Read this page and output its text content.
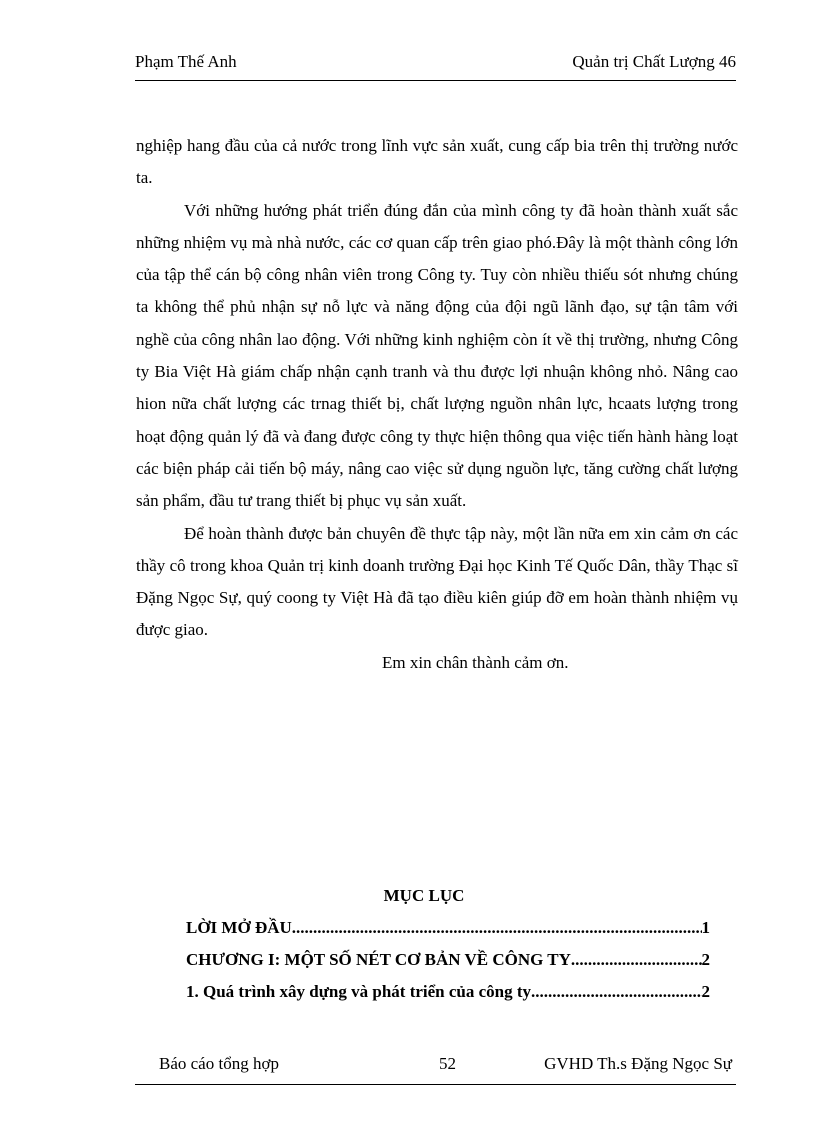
Phạm Thế Anh	Quản trị Chất Lượng 46

nghiệp hang đầu của cả nước trong lĩnh vực sản xuất, cung cấp bia trên thị trường nước ta.

Với những hướng phát triển đúng đắn của mình công ty đã hoàn thành xuất sắc những nhiệm vụ mà nhà nước, các cơ quan cấp trên giao phó.Đây là một thành công lớn của tập thể cán bộ công nhân viên trong Công ty. Tuy còn nhiều thiếu sót nhưng chúng ta không thể phủ nhận sự nỗ lực và năng động của đội ngũ lãnh đạo, sự tận tâm với nghề của công nhân lao động. Với những kinh nghiệm còn ít về thị trường, nhưng Công ty Bia Việt Hà giám chấp nhận cạnh tranh và thu được lợi nhuận không nhỏ. Nâng cao hion nữa chất lượng các trnag thiết bị, chất lượng nguồn nhân lực, hcaats lượng trong hoạt động quản lý đã và đang được công ty thực hiện thông qua việc tiến hành hàng loạt các biện pháp cải tiến bộ máy, nâng cao việc sử dụng nguồn lực, tăng cường chất lượng sản phẩm, đầu tư trang thiết bị phục vụ sản xuất.

Để hoàn thành được bản chuyên đề thực tập này, một lần nữa em xin cảm ơn các thầy cô trong khoa Quản trị kinh doanh trường Đại học Kinh Tế Quốc Dân, thầy Thạc sĩ Đặng Ngọc Sự, quý coong ty Việt Hà đã tạo điều kiên giúp đỡ em hoàn thành nhiệm vụ được giao.

Em xin chân thành cảm ơn.

MỤC LỤC
LỜI MỞ ĐẦU .....	1
CHƯƠNG I: MỘT SỐ NÉT CƠ BẢN VỀ CÔNG TY .....	2
1. Quá trình xây dựng và phát triển của công ty .....	2
Báo cáo tổng hợp	52	GVHD Th.s Đặng Ngọc Sự
